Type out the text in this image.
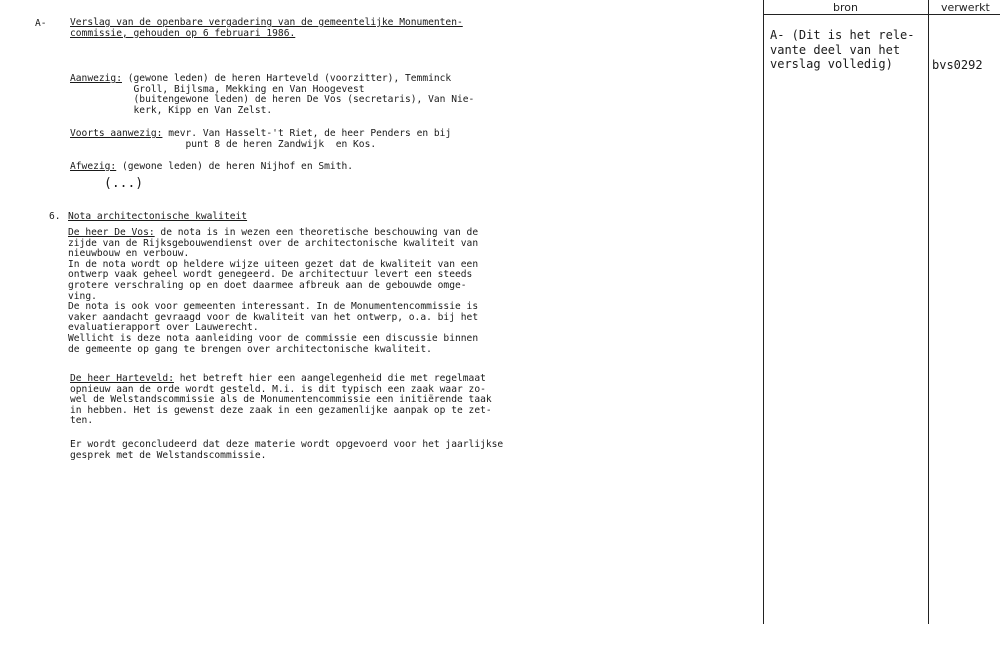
A- Verslag van de openbare vergadering van de gemeentelijke Monumenten-
commissie, gehouden op 6 februari 1986.
Aanwezig: (gewone leden) de heren Harteveld (voorzitter), Temminck
Groll, Bijlsma, Mekking en Van Hoogevest
(buitengewone leden) de heren De Vos (secretaris), Van Nie-
kerk, Kipp en Van Zelst.
Voorts aanwezig: mevr. Van Hasselt-'t Riet, de heer Penders en bij
punt 8 de heren Zandwijk  en Kos.
Afwezig: (gewone leden) de heren Nijhof en Smith.
(...)
6. Nota architectonische kwaliteit
De heer De Vos: de nota is in wezen een theoretische beschouwing van de
zijde van de Rijksgebouwendienst over de architectonische kwaliteit van
nieuwbouw en verbouw.
In de nota wordt op heldere wijze uiteen gezet dat de kwaliteit van een
ontwerp vaak geheel wordt genegeerd. De architectuur levert een steeds
grotere verschraling op en doet daarmee afbreuk aan de gebouwde omge-
ving.
De nota is ook voor gemeenten interessant. In de Monumentencommissie is
vaker aandacht gevraagd voor de kwaliteit van het ontwerp, o.a. bij het
evaluatierapport over Lauwerecht.
Wellicht is deze nota aanleiding voor de commissie een discussie binnen
de gemeente op gang te brengen over architectonische kwaliteit.
De heer Harteveld: het betreft hier een aangelegenheid die met regelmaat
opnieuw aan de orde wordt gesteld. M.i. is dit typisch een zaak waar zo-
wel de Welstandscommissie als de Monumentencommissie een initiërende taak
in hebben. Het is gewenst deze zaak in een gezamenlijke aanpak op te zet-
ten.
Er wordt geconcludeerd dat deze materie wordt opgevoerd voor het jaarlijkse
gesprek met de Welstandscommissie.
bron	verwerkt
A- (Dit is het rele-
vante deel van het
verslag volledig)	bvs0292
